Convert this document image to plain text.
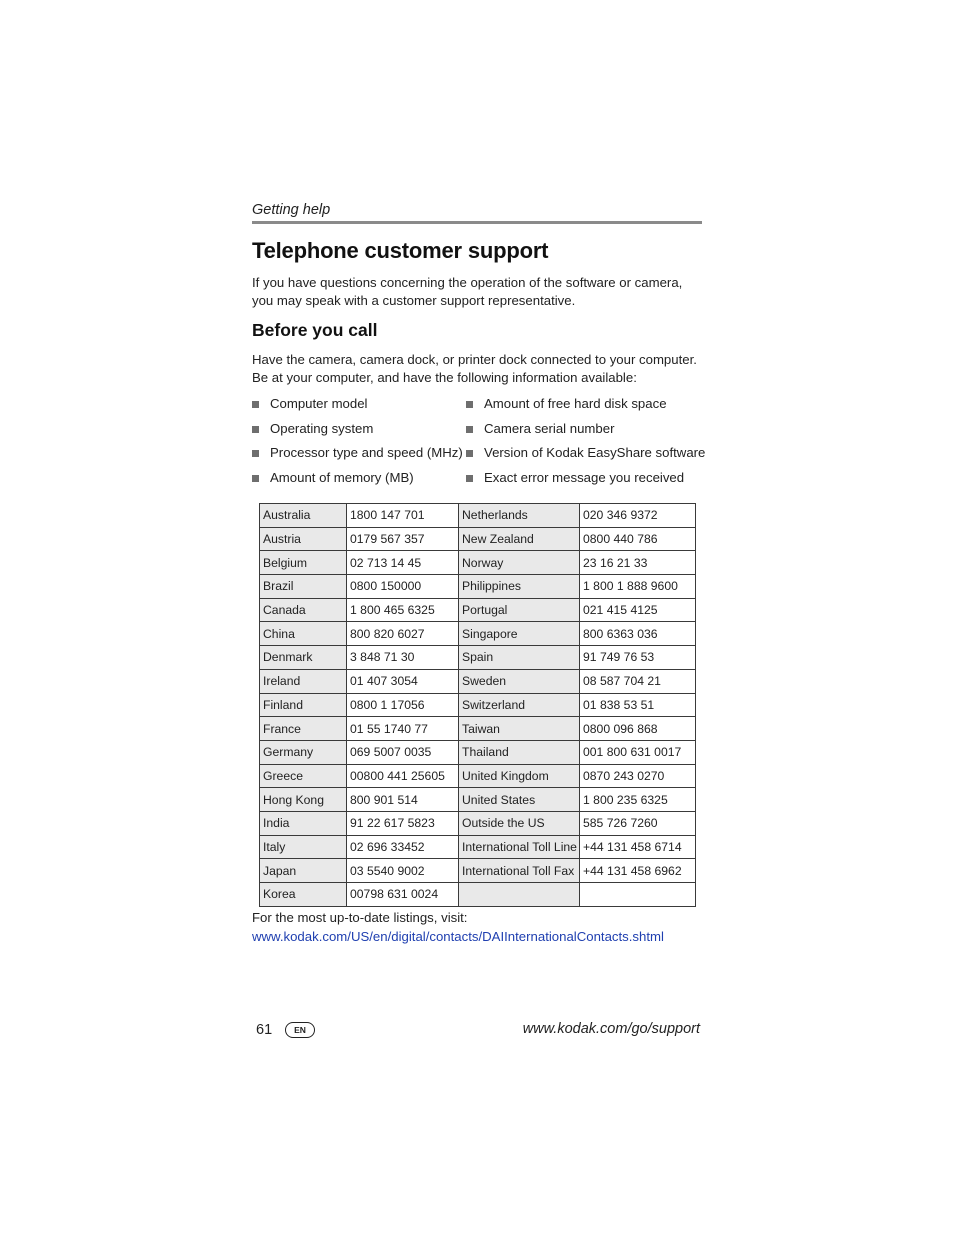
Getting help
Telephone customer support

If you have questions concerning the operation of the software or camera, you may speak with a customer support representative.

Before you call

Have the camera, camera dock, or printer dock connected to your computer. Be at your computer, and have the following information available:

Computer model	Amount of free hard disk space
Operating system	Camera serial number
Processor type and speed (MHz) Version of Kodak EasyShare software
Amount of memory (MB)	Exact error message you received
Australia	1800 147 701	Netherlands	020 346 9372
Austria	0179 567 357	New Zealand	0800 440 786
Belgium	02 713 14 45	Norway	23 16 21 33
Brazil	0800 150000	Philippines	1 800 1 888 9600
Canada	1 800 465 6325	Portugal	021 415 4125
China	800 820 6027	Singapore	800 6363 036
Denmark	3 848 71 30	Spain	91 749 76 53
Ireland	01 407 3054	Sweden	08 587 704 21
Finland	0800 1 17056	Switzerland	01 838 53 51
France	01 55 1740 77	Taiwan	0800 096 868
Germany	069 5007 0035	Thailand	001 800 631 0017
Greece	00800 441 25605	United Kingdom	0870 243 0270
Hong Kong	800 901 514	United States	1 800 235 6325
India	91 22 617 5823	Outside the US	585 726 7260
Italy	02 696 33452	International Toll Line	+44 131 458 6714
Japan	03 5540 9002	International Toll Fax	+44 131 458 6962
Korea	00798 631 0024		

For the most up-to-date listings, visit:

www.kodak.com/US/en/digital/contacts/DAIInternationalContacts.shtml
61	EN	www.kodak.com/go/support
